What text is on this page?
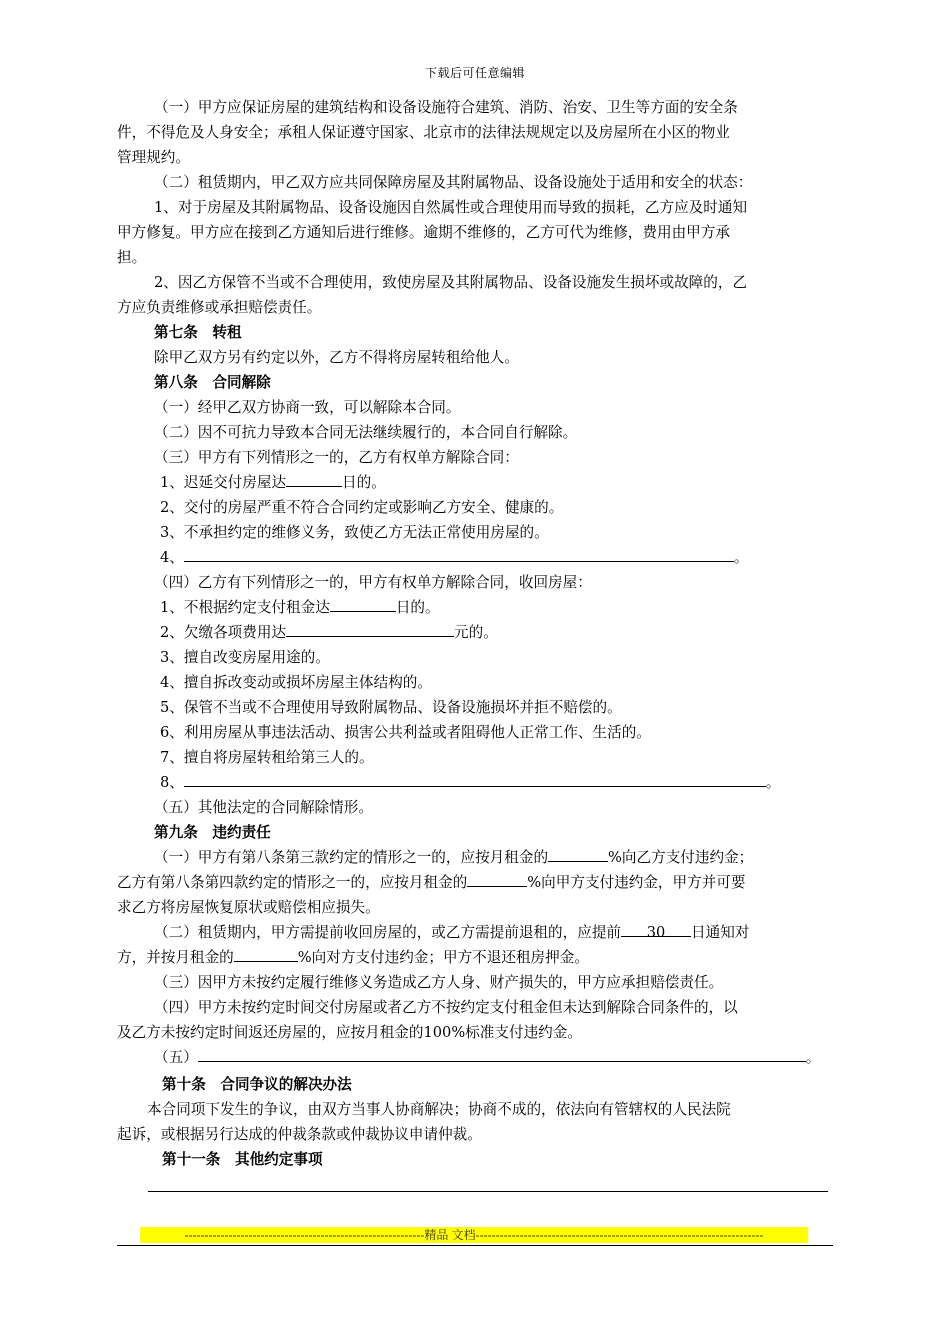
下载后可任意编辑
（一）甲方应保证房屋的建筑结构和设备设施符合建筑、消防、治安、卫生等方面的安全条
件，不得危及人身安全；承租人保证遵守国家、北京市的法律法规规定以及房屋所在小区的物业
管理规约。
（二）租赁期内，甲乙双方应共同保障房屋及其附属物品、设备设施处于适用和安全的状态：
1、对于房屋及其附属物品、设备设施因自然属性或合理使用而导致的损耗，乙方应及时通知
甲方修复。甲方应在接到乙方通知后进行维修。逾期不维修的，乙方可代为维修，费用由甲方承
担。
2、因乙方保管不当或不合理使用，致使房屋及其附属物品、设备设施发生损坏或故障的，乙
方应负责维修或承担赔偿责任。
第七条　转租
除甲乙双方另有约定以外，乙方不得将房屋转租给他人。
第八条　合同解除
（一）经甲乙双方协商一致，可以解除本合同。
（二）因不可抗力导致本合同无法继续履行的，本合同自行解除。
（三）甲方有下列情形之一的，乙方有权单方解除合同：
1、迟延交付房屋达	日的。
2、交付的房屋严重不符合合同约定或影响乙方安全、健康的。
3、不承担约定的维修义务，致使乙方无法正常使用房屋的。
4、	。
（四）乙方有下列情形之一的，甲方有权单方解除合同，收回房屋：
1、不根据约定支付租金达	日的。
2、欠缴各项费用达	元的。
3、擅自改变房屋用途的。
4、擅自拆改变动或损坏房屋主体结构的。
5、保管不当或不合理使用导致附属物品、设备设施损坏并拒不赔偿的。
6、利用房屋从事违法活动、损害公共利益或者阻碍他人正常工作、生活的。
7、擅自将房屋转租给第三人的。
8、	。
（五）其他法定的合同解除情形。
第九条　违约责任
（一）甲方有第八条第三款约定的情形之一的，应按月租金的	%向乙方支付违约金；
乙方有第八条第四款约定的情形之一的，应按月租金的	%向甲方支付违约金，甲方并可要
求乙方将房屋恢复原状或赔偿相应损失。
（二）租赁期内，甲方需提前收回房屋的，或乙方需提前退租的，应提前 30 日通知对
方，并按月租金的	%向对方支付违约金；甲方不退还租房押金。
（三）因甲方未按约定履行维修义务造成乙方人身、财产损失的，甲方应承担赔偿责任。
（四）甲方未按约定时间交付房屋或者乙方不按约定支付租金但未达到解除合同条件的，以
及乙方未按约定时间返还房屋的，应按月租金的100%标准支付违约金。
（五）	。
第十条　合同争议的解决办法
本合同项下发生的争议，由双方当事人协商解决；协商不成的，依法向有管辖权的人民法院
起诉，或根据另行达成的仲裁条款或仲裁协议申请仲裁。
第十一条　其他约定事项
------------------------------------------------------------精品 文档------------------------------------------------------------------------
